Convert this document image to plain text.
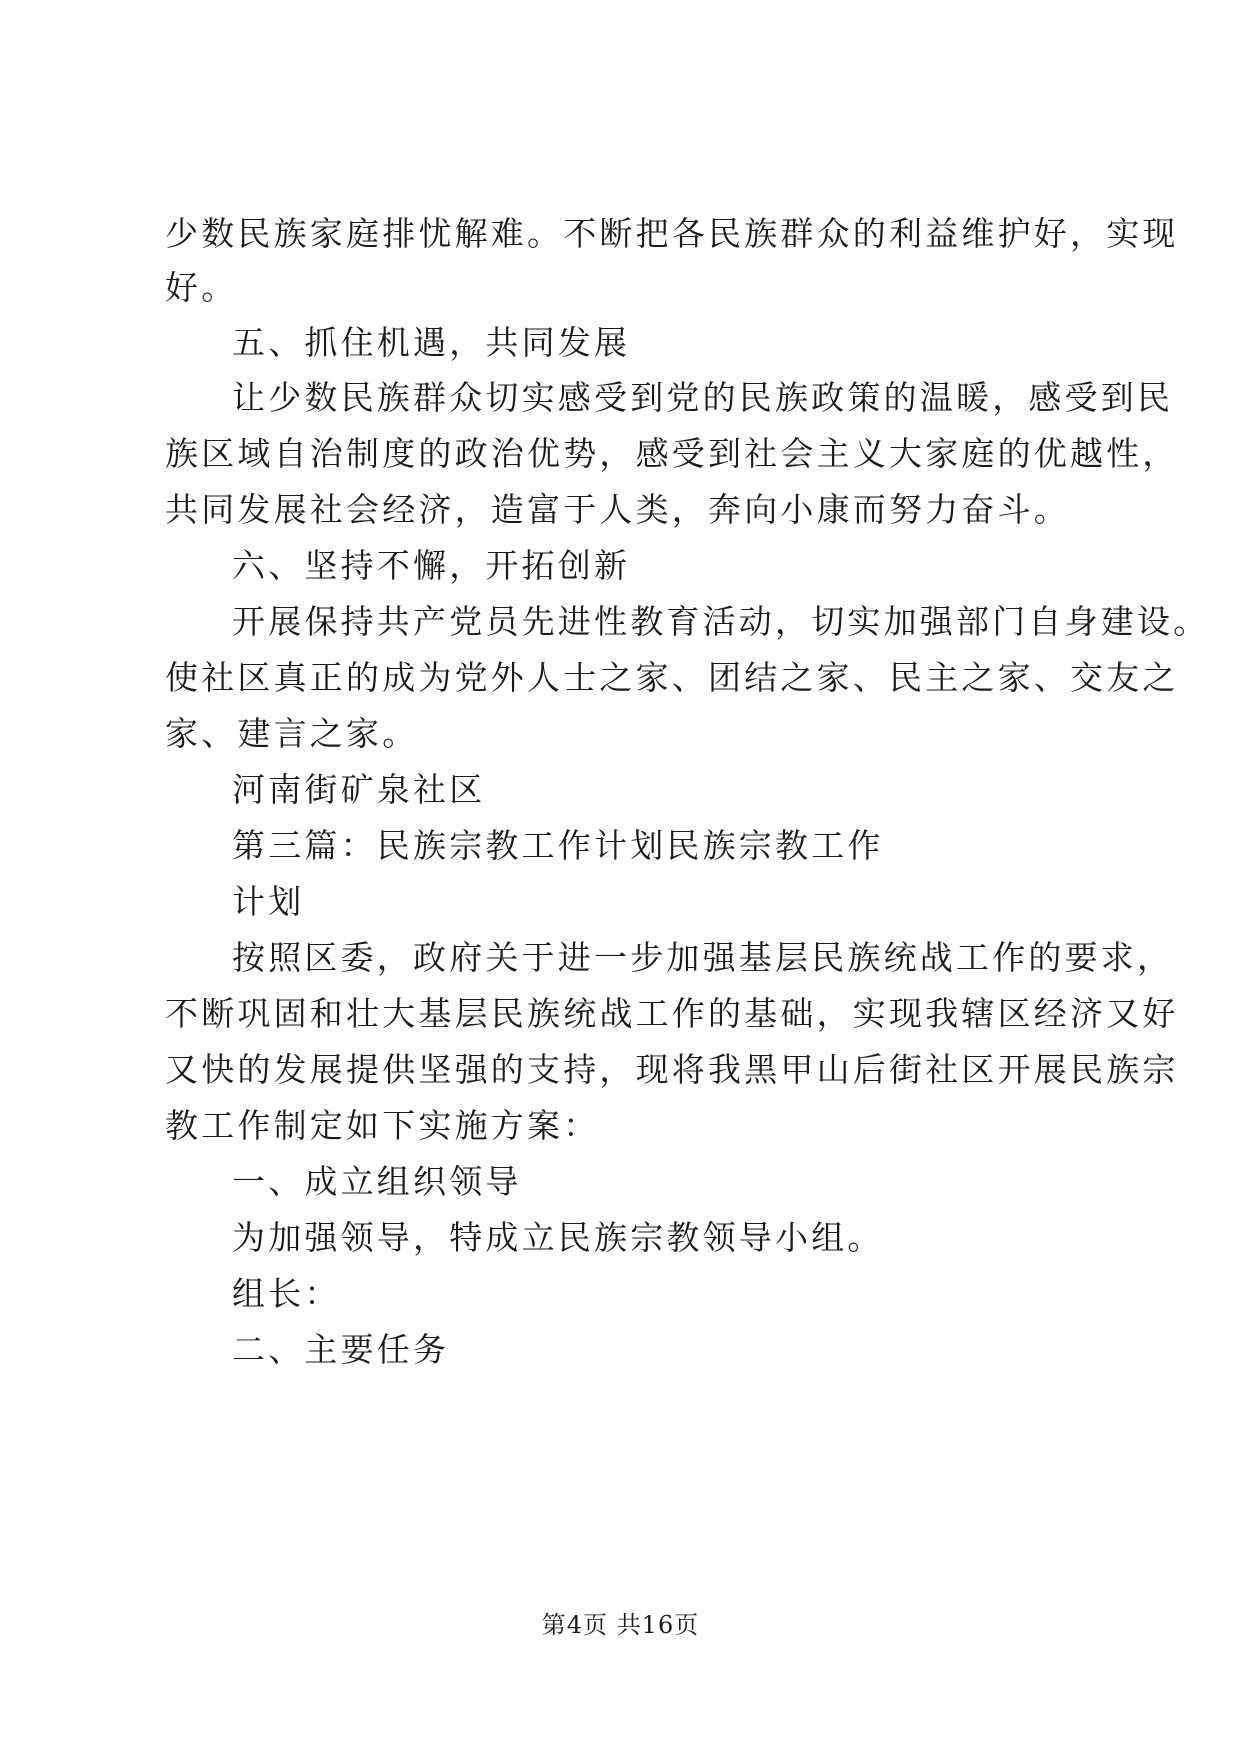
少数民族家庭排忧解难。不断把各民族群众的利益维护好，实现
好。
五、抓住机遇，共同发展
让少数民族群众切实感受到党的民族政策的温暖，感受到民
族区域自治制度的政治优势，感受到社会主义大家庭的优越性，
共同发展社会经济，造富于人类，奔向小康而努力奋斗。
六、坚持不懈，开拓创新
开展保持共产党员先进性教育活动，切实加强部门自身建设。
使社区真正的成为党外人士之家、团结之家、民主之家、交友之
家、建言之家。
河南街矿泉社区
第三篇：民族宗教工作计划民族宗教工作
计划
按照区委，政府关于进一步加强基层民族统战工作的要求，
不断巩固和壮大基层民族统战工作的基础，实现我辖区经济又好
又快的发展提供坚强的支持，现将我黑甲山后街社区开展民族宗
教工作制定如下实施方案：
一、成立组织领导
为加强领导，特成立民族宗教领导小组。
组长：
二、主要任务
第4页 共16页
